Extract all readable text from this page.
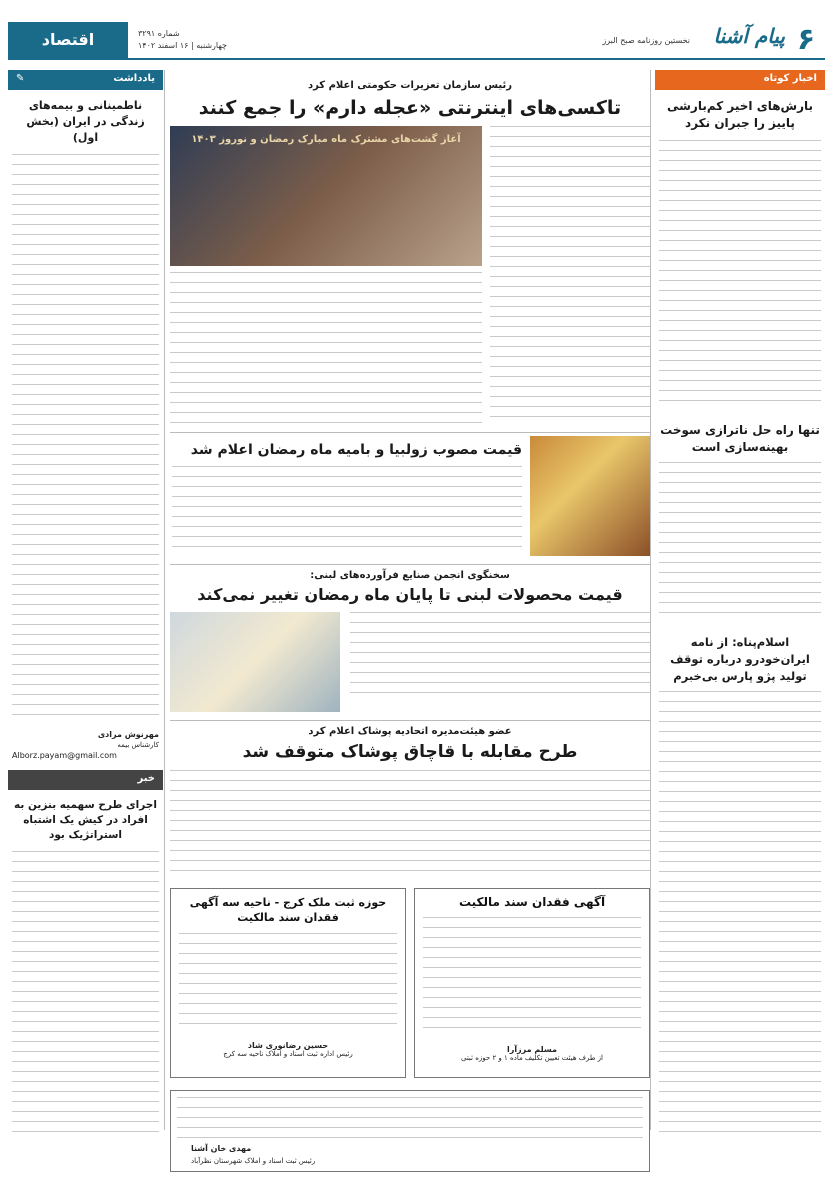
۶
پیام آشنا
نخستین روزنامه صبح البرز
شماره ۳۲۹۱
چهارشنبه | ۱۶ اسفند ۱۴۰۲
اقتصاد
اخبار کوتاه
بارش‌های اخیر کم‌بارشی پاییز را جبران نکرد
تنها راه حل ناترازی سوخت بهینه‌سازی است
اسلام‌پناه: از نامه ایران‌خودرو درباره توقف تولید پژو پارس بی‌خبرم
رئیس سازمان تعزیرات حکومتی اعلام کرد
تاکسی‌های اینترنتی «عجله دارم» را جمع کنند
آغاز گشت‌های مشترک ماه مبارک رمضان و نوروز ۱۴۰۳
قیمت مصوب زولبیا و بامیه ماه رمضان اعلام شد
سخنگوی انجمن صنایع فرآورده‌های لبنی:
قیمت محصولات لبنی تا پایان ماه رمضان تغییر نمی‌کند
عضو هیئت‌مدیره اتحادیه پوشاک اعلام کرد
طرح مقابله با قاچاق پوشاک متوقف شد
آگهی فقدان سند مالکیت
مسلم مرزآرا
از طرف هیئت تعیین تکلیف ماده ۱ و ۲ حوزه ثبتی
حوزه ثبت ملک کرج - ناحیه سه آگهی فقدان سند مالکیت
حسین رضانوری شاد
رئیس اداره ثبت اسناد و املاک ناحیه سه کرج
مهدی خان آشنا
رئیس ثبت اسناد و املاک شهرستان نظرآباد
یادداشت
✎
ناطمینانی و بیمه‌های زندگی در ایران (بخش اول)
مهرنوش مرادی
کارشناس بیمه
Alborz.payam@gmail.com
خبر
اجرای طرح سهمیه بنزین به افراد در کیش یک اشتباه استراتژیک بود
